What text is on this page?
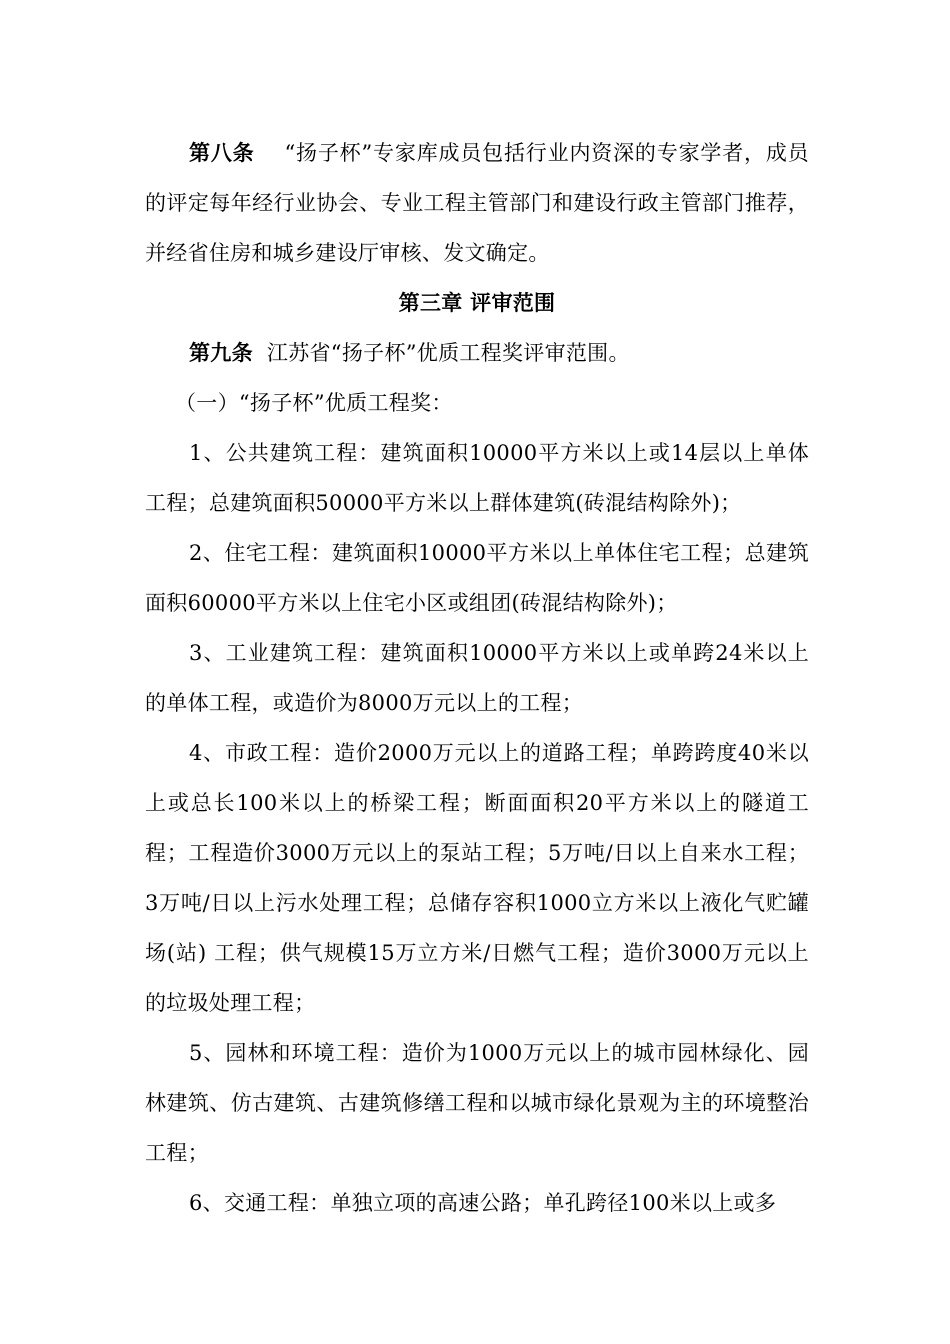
第八条 “扬子杯”专家库成员包括行业内资深的专家学者，成员的评定每年经行业协会、专业工程主管部门和建设行政主管部门推荐，并经省住房和城乡建设厅审核、发文确定。

第三章 评审范围

第九条 江苏省“扬子杯”优质工程奖评审范围。

（一）“扬子杯”优质工程奖：

1、公共建筑工程：建筑面积10000平方米以上或14层以上单体工程；总建筑面积50000平方米以上群体建筑(砖混结构除外)；

2、住宅工程：建筑面积10000平方米以上单体住宅工程；总建筑面积60000平方米以上住宅小区或组团(砖混结构除外)；

3、工业建筑工程：建筑面积10000平方米以上或单跨24米以上的单体工程，或造价为8000万元以上的工程；

4、市政工程：造价2000万元以上的道路工程；单跨跨度40米以上或总长100米以上的桥梁工程；断面面积20平方米以上的隧道工程；工程造价3000万元以上的泵站工程；5万吨/日以上自来水工程；3万吨/日以上污水处理工程；总储存容积1000立方米以上液化气贮罐场(站) 工程；供气规模15万立方米/日燃气工程；造价3000万元以上的垃圾处理工程；

5、园林和环境工程：造价为1000万元以上的城市园林绿化、园林建筑、仿古建筑、古建筑修缮工程和以城市绿化景观为主的环境整治工程；

6、交通工程：单独立项的高速公路；单孔跨径100米以上或多
